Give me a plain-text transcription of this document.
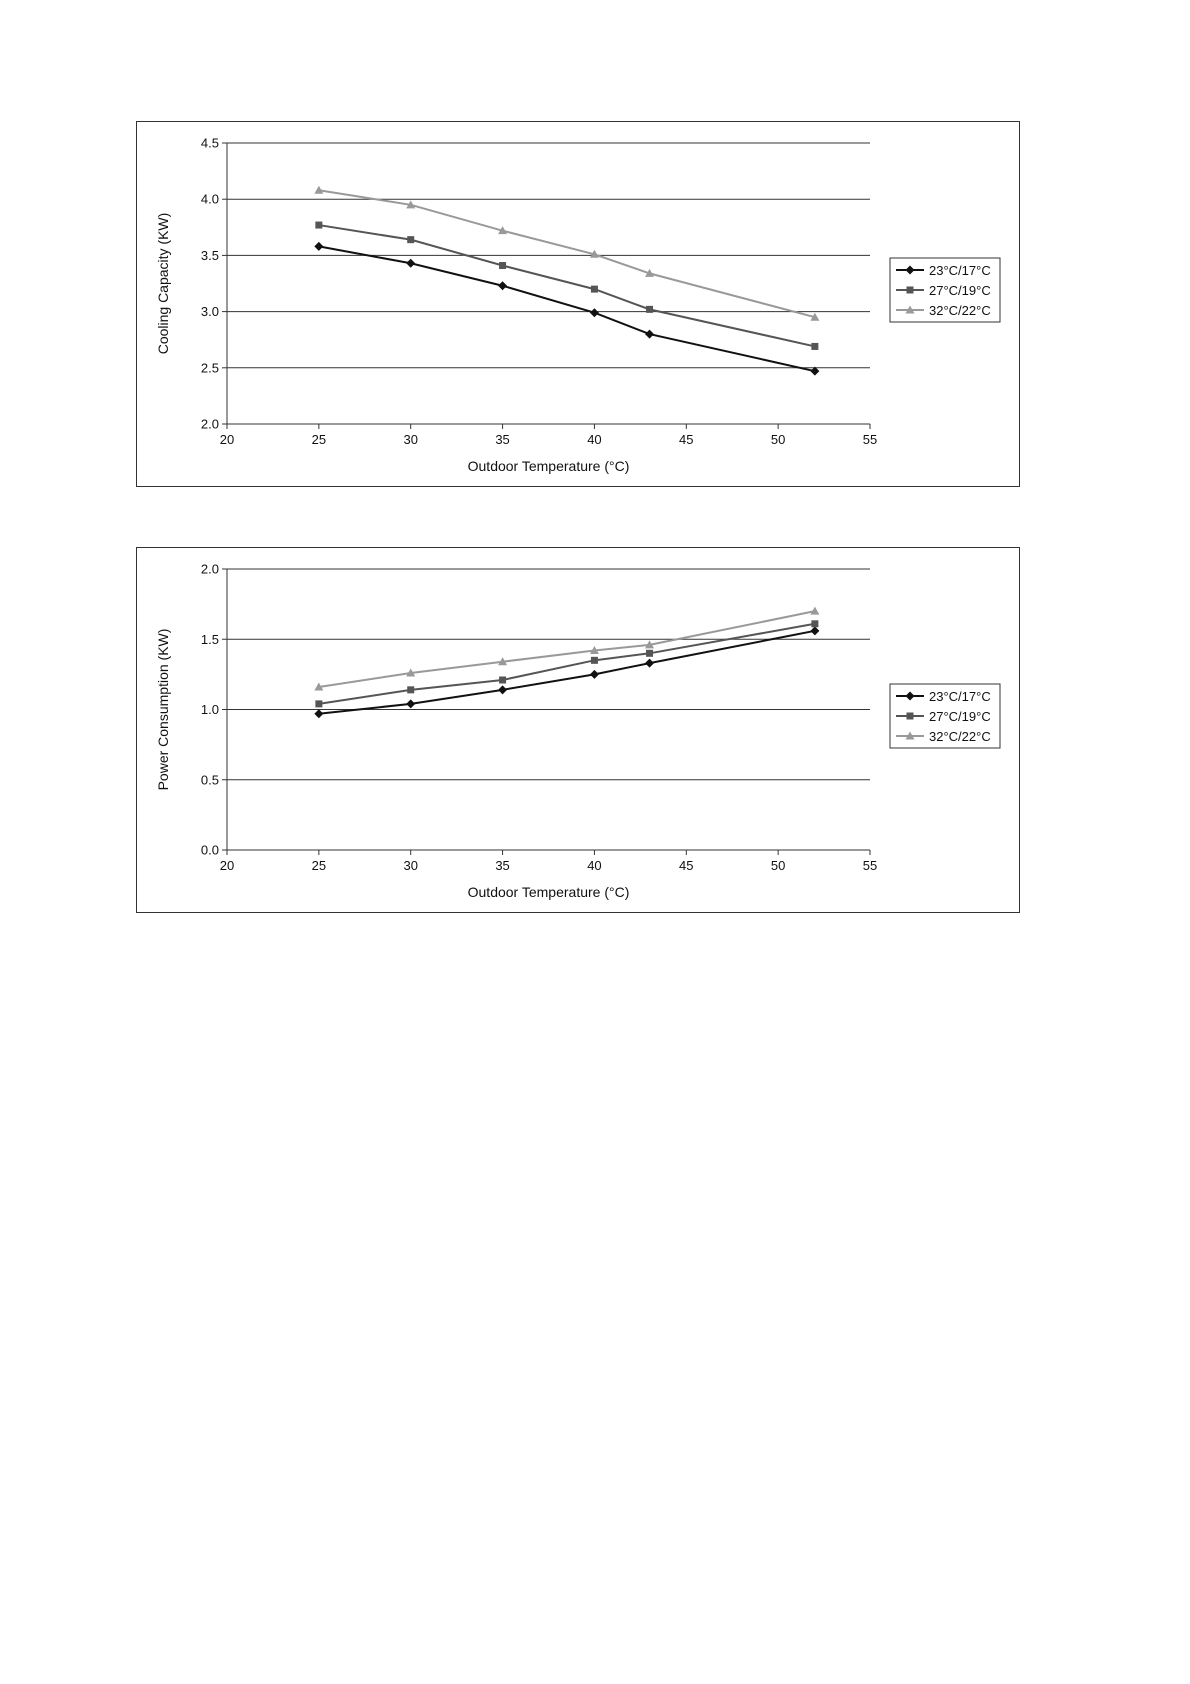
2.0
2.5
3.0
3.5
4.0
4.5
20	25	30	35	40	45	50	55
Outdoor Temperature (°C)
Cooling Capacity (KW)	23°C/17°C
27°C/19°C
32°C/22°C
0.0
0.5
1.0
1.5
2.0
20	25	30	35	40	45	50	55
Outdoor Temperature (°C)
Power Consumption (KW)	23°C/17°C
27°C/19°C
32°C/22°C
